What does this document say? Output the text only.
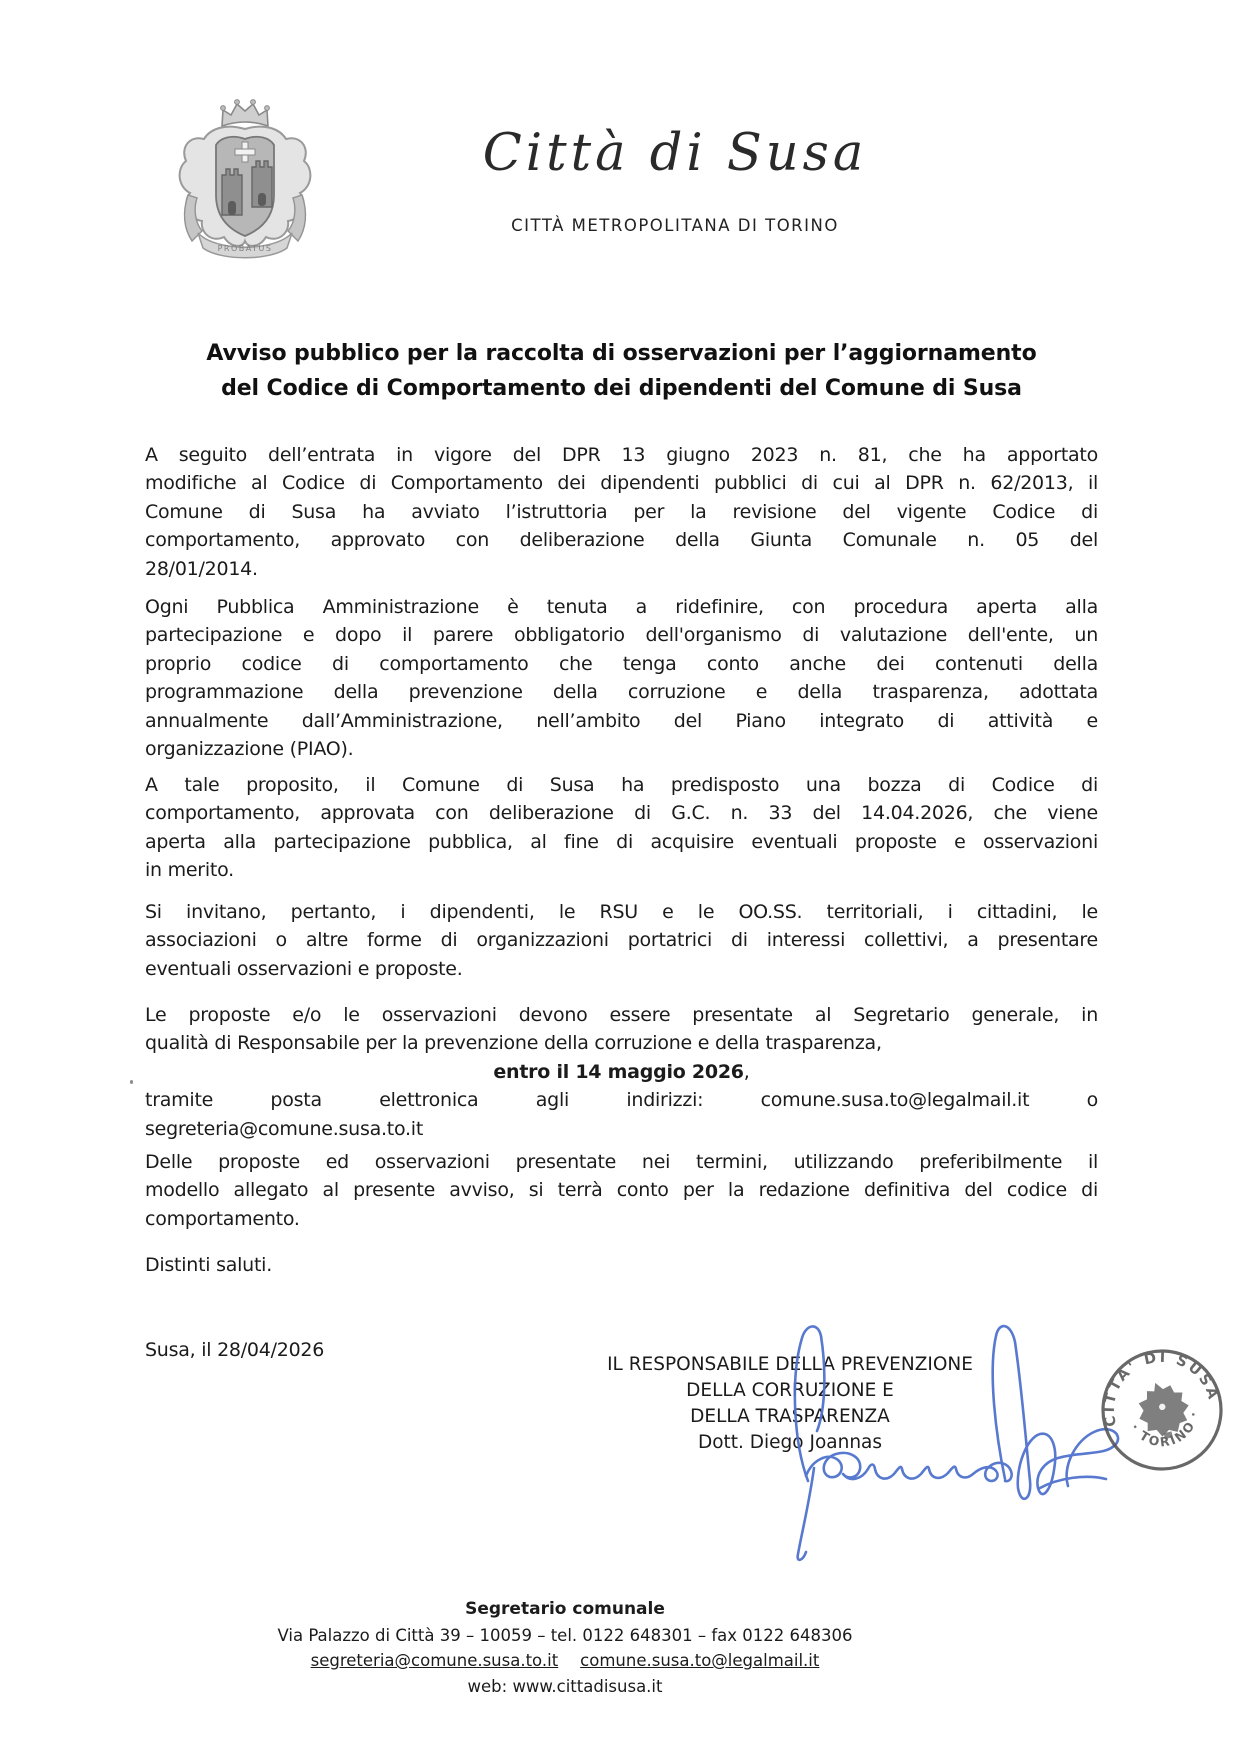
PROBATUS
Città di Susa
CITTÀ METROPOLITANA DI TORINO
Avviso pubblico per la raccolta di osservazioni per l’aggiornamento
del Codice di Comportamento dei dipendenti del Comune di Susa
A seguito dell’entrata in vigore del DPR 13 giugno 2023 n. 81, che ha apportato
modifiche al Codice di Comportamento dei dipendenti pubblici di cui al DPR n. 62/2013, il
Comune di Susa ha avviato l’istruttoria per la revisione del vigente Codice di
comportamento, approvato con deliberazione della Giunta Comunale n. 05 del
28/01/2014.
Ogni Pubblica Amministrazione è tenuta a ridefinire, con procedura aperta alla
partecipazione e dopo il parere obbligatorio dell'organismo di valutazione dell'ente, un
proprio codice di comportamento che tenga conto anche dei contenuti della
programmazione della prevenzione della corruzione e della trasparenza, adottata
annualmente dall’Amministrazione, nell’ambito del Piano integrato di attività e
organizzazione (PIAO).
A tale proposito, il Comune di Susa ha predisposto una bozza di Codice di
comportamento, approvata con deliberazione di G.C. n. 33 del 14.04.2026, che viene
aperta alla partecipazione pubblica, al fine di acquisire eventuali proposte e osservazioni
in merito.
Si invitano, pertanto, i dipendenti, le RSU e le OO.SS. territoriali, i cittadini, le
associazioni o altre forme di organizzazioni portatrici di interessi collettivi, a presentare
eventuali osservazioni e proposte.
Le proposte e/o le osservazioni devono essere presentate al Segretario generale, in
qualità di Responsabile per la prevenzione della corruzione e della trasparenza,
entro il 14 maggio 2026,
tramite posta elettronica agli indirizzi: comune.susa.to@legalmail.it o
segreteria@comune.susa.to.it
Delle proposte ed osservazioni presentate nei termini, utilizzando preferibilmente il
modello allegato al presente avviso, si terrà conto per la redazione definitiva del codice di
comportamento.
Distinti saluti.
Susa, il 28/04/2026
IL RESPONSABILE DELLA PREVENZIONE
DELLA CORRUZIONE E
DELLA TRASPARENZA
Dott. Diego Joannas
CITTA' DI SUSA
· TORINO ·
Segretario comunale
Via Palazzo di Città 39 – 10059 – tel. 0122 648301 – fax 0122 648306
segreteria@comune.susa.to.it comune.susa.to@legalmail.it
web: www.cittadisusa.it
